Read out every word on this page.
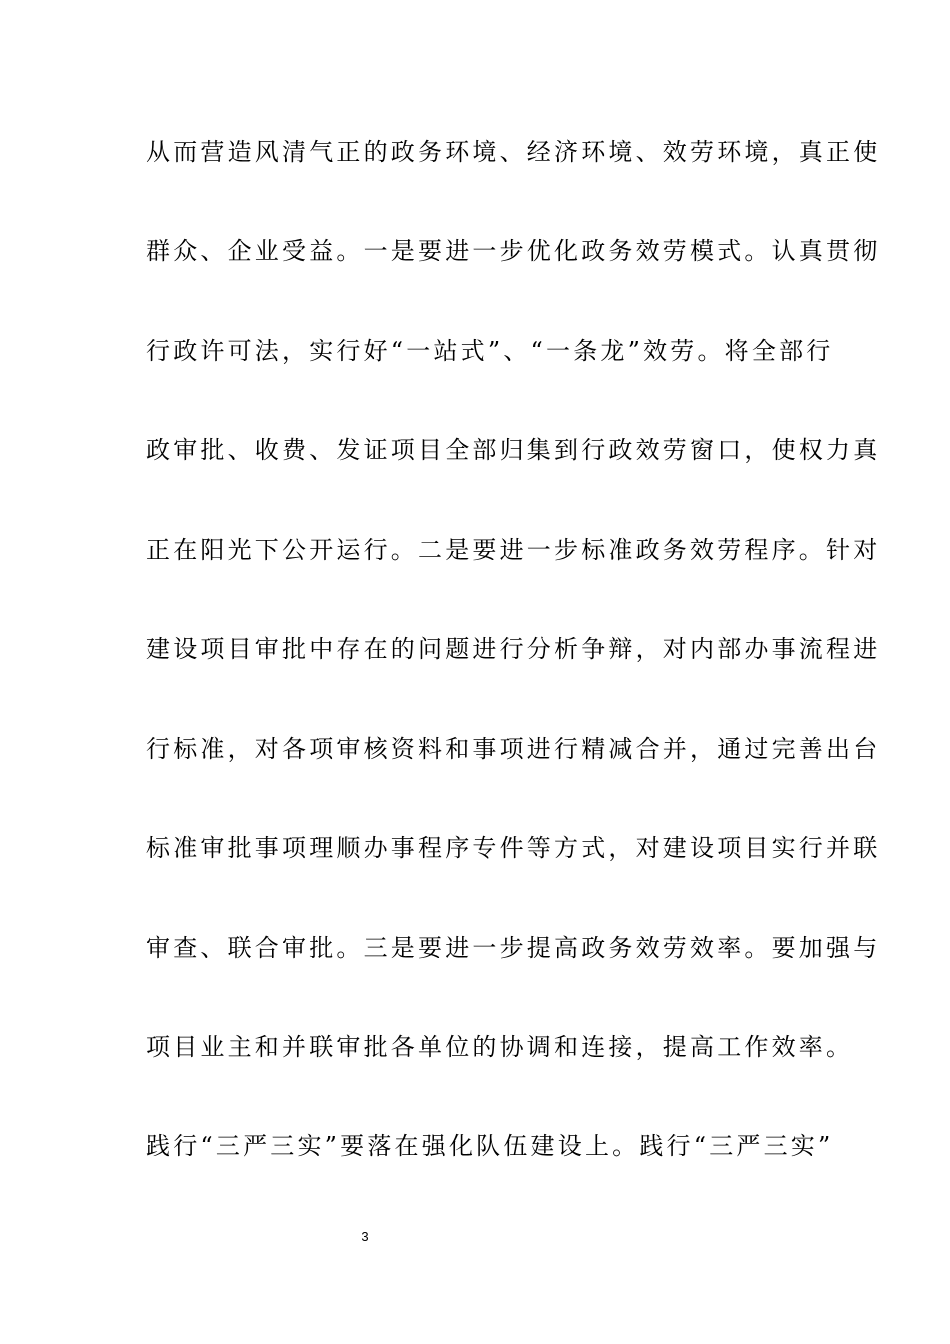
从而营造风清气正的政务环境、经济环境、效劳环境，真正使
群众、企业受益。一是要进一步优化政务效劳模式。认真贯彻
行政许可法，实行好“一站式”、“一条龙”效劳。将全部行
政审批、收费、发证项目全部归集到行政效劳窗口，使权力真
正在阳光下公开运行。二是要进一步标准政务效劳程序。针对
建设项目审批中存在的问题进行分析争辩，对内部办事流程进
行标准，对各项审核资料和事项进行精减合并，通过完善出台
标准审批事项理顺办事程序专件等方式，对建设项目实行并联
审查、联合审批。三是要进一步提高政务效劳效率。要加强与
项目业主和并联审批各单位的协调和连接，提高工作效率。
践行“三严三实”要落在强化队伍建设上。践行“三严三实”
3
